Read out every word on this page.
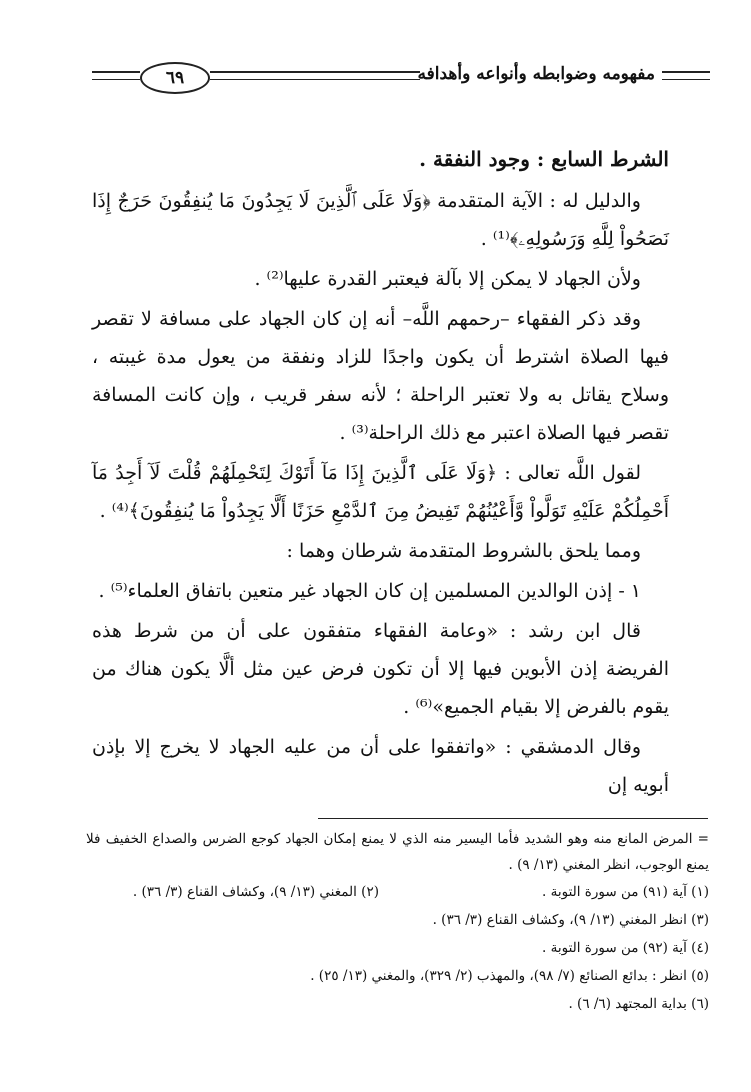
٦٩	مفهومه وضوابطه وأنواعه وأهدافه

الشرط السابع : وجود النفقة .

والدليل له : الآية المتقدمة ﴿وَلَا عَلَى ٱلَّذِينَ لَا يَجِدُونَ مَا يُنفِقُونَ حَرَجٌ إِذَا نَصَحُواْ لِلَّهِ وَرَسُولِهِۦ﴾⁽¹⁾ .

ولأن الجهاد لا يمكن إلا بآلة فيعتبر القدرة عليها⁽²⁾ .

وقد ذكر الفقهاء –رحمهم اللَّه– أنه إن كان الجهاد على مسافة لا تقصر فيها الصلاة اشترط أن يكون واجدًا للزاد ونفقة من يعول مدة غيبته ، وسلاح يقاتل به ولا تعتبر الراحلة ؛ لأنه سفر قريب ، وإن كانت المسافة تقصر فيها الصلاة اعتبر مع ذلك الراحلة⁽³⁾ .

لقول اللَّه تعالى : ﴿وَلَا عَلَى ٱلَّذِينَ إِذَا مَآ أَتَوْكَ لِتَحْمِلَهُمْ قُلْتَ لَآ أَجِدُ مَآ أَحْمِلُكُمْ عَلَيْهِ تَوَلَّواْ وَّأَعْيُنُهُمْ تَفِيضُ مِنَ ٱلدَّمْعِ حَزَنًا أَلَّا يَجِدُواْ مَا يُنفِقُونَ﴾⁽⁴⁾ .

ومما يلحق بالشروط المتقدمة شرطان وهما :

١ - إذن الوالدين المسلمين إن كان الجهاد غير متعين باتفاق العلماء⁽⁵⁾ .

قال ابن رشد : «وعامة الفقهاء متفقون على أن من شرط هذه الفريضة إذن الأبوين فيها إلا أن تكون فرض عين مثل ألَّا يكون هناك من يقوم بالفرض إلا بقيام الجميع»⁽⁶⁾ .

وقال الدمشقي : «واتفقوا على أن من عليه الجهاد لا يخرج إلا بإذن أبويه إن

= المرض المانع منه وهو الشديد فأما اليسير منه الذي لا يمنع إمكان الجهاد كوجع الضرس والصداع الخفيف فلا يمنع الوجوب، انظر المغني (١٣/ ٩) .

(١) آية (٩١) من سورة التوبة .

(٢) المغني (١٣/ ٩)، وكشاف القناع (٣/ ٣٦) .

(٣) انظر المغني (١٣/ ٩)، وكشاف القناع (٣/ ٣٦) .

(٤) آية (٩٢) من سورة التوبة .

(٥) انظر : بدائع الصنائع (٧/ ٩٨)، والمهذب (٢/ ٣٢٩)، والمغني (١٣/ ٢٥) .

(٦) بداية المجتهد (٦/ ٦) .
